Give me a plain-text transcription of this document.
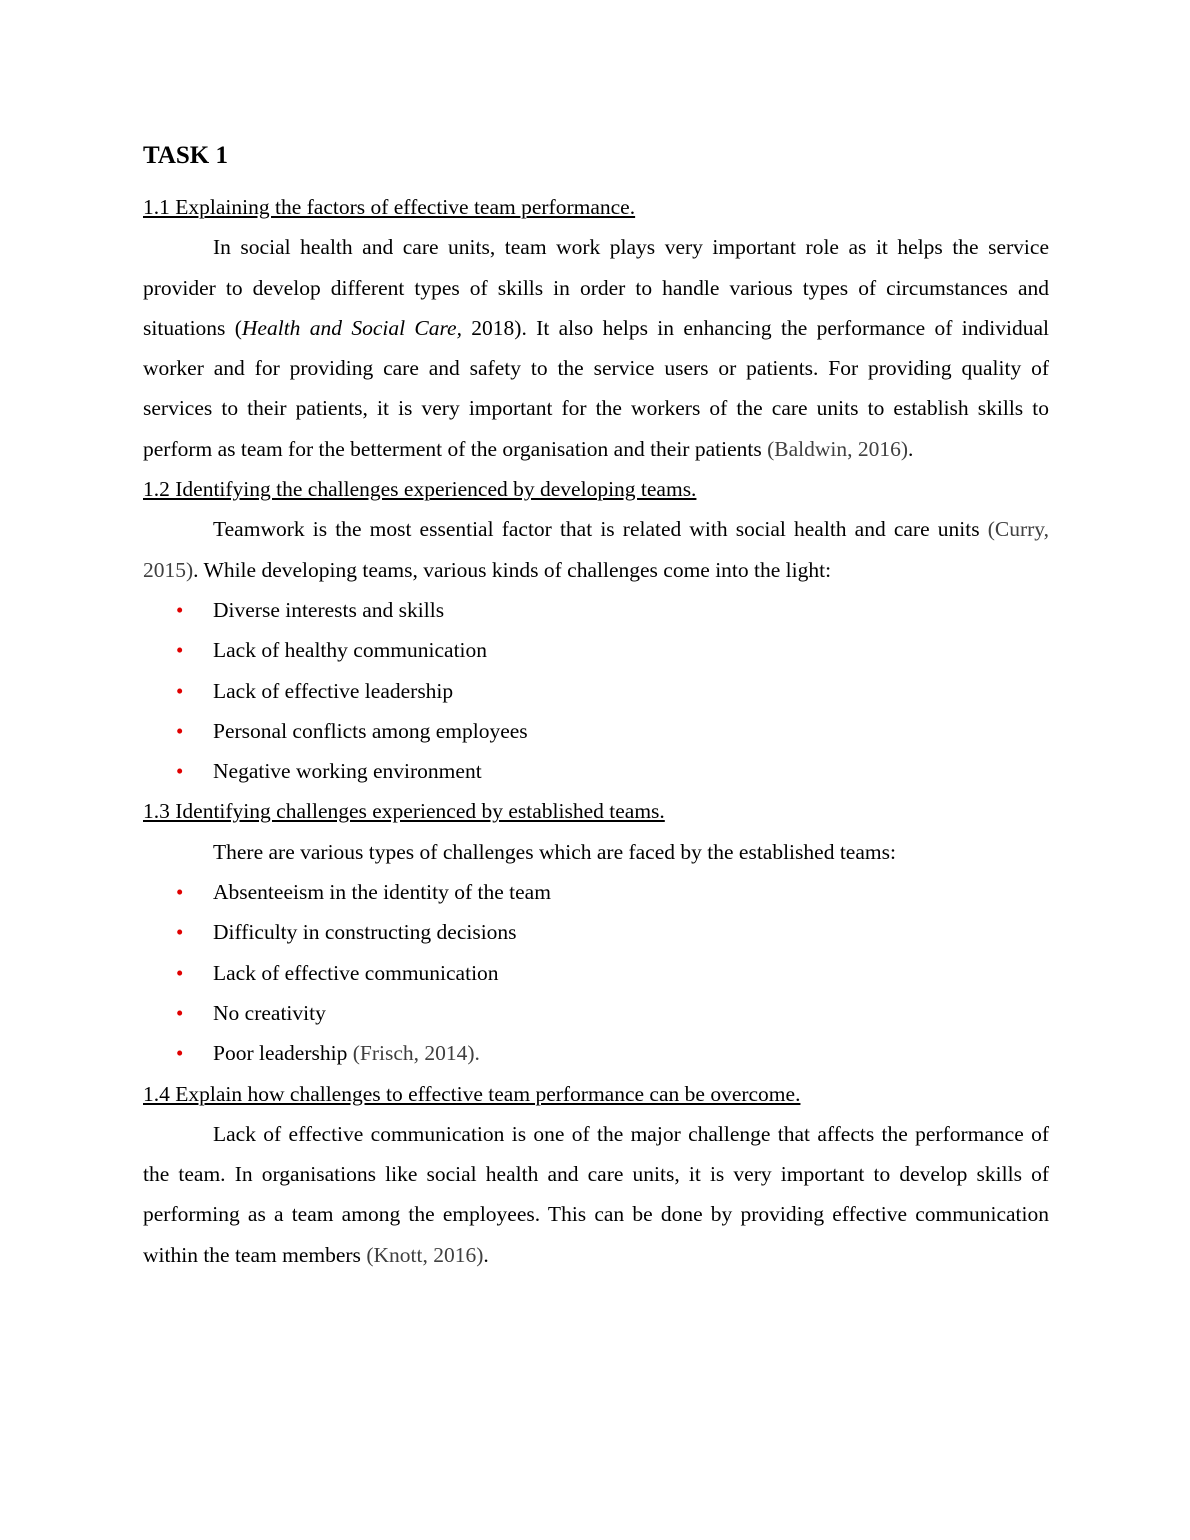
TASK 1

1.1 Explaining the factors of effective team performance.

In social health and care units, team work plays very important role as it helps the service provider to develop different types of skills in order to handle various types of circumstances and situations (Health and Social Care, 2018). It also helps in enhancing the performance of individual worker and for providing care and safety to the service users or patients. For providing quality of services to their patients, it is very important for the workers of the care units to establish skills to perform as team for the betterment of the organisation and their patients (Baldwin, 2016).

1.2 Identifying the challenges experienced by developing teams.

Teamwork is the most essential factor that is related with social health and care units (Curry, 2015). While developing teams, various kinds of challenges come into the light:

• Diverse interests and skills
• Lack of healthy communication
• Lack of effective leadership
• Personal conflicts among employees
• Negative working environment

1.3 Identifying challenges experienced by established teams.

There are various types of challenges which are faced by the established teams:

• Absenteeism in the identity of the team
• Difficulty in constructing decisions
• Lack of effective communication
• No creativity
• Poor leadership (Frisch, 2014).

1.4 Explain how challenges to effective team performance can be overcome.

Lack of effective communication is one of the major challenge that affects the performance of the team. In organisations like social health and care units, it is very important to develop skills of performing as a team among the employees. This can be done by providing effective communication within the team members (Knott, 2016).
